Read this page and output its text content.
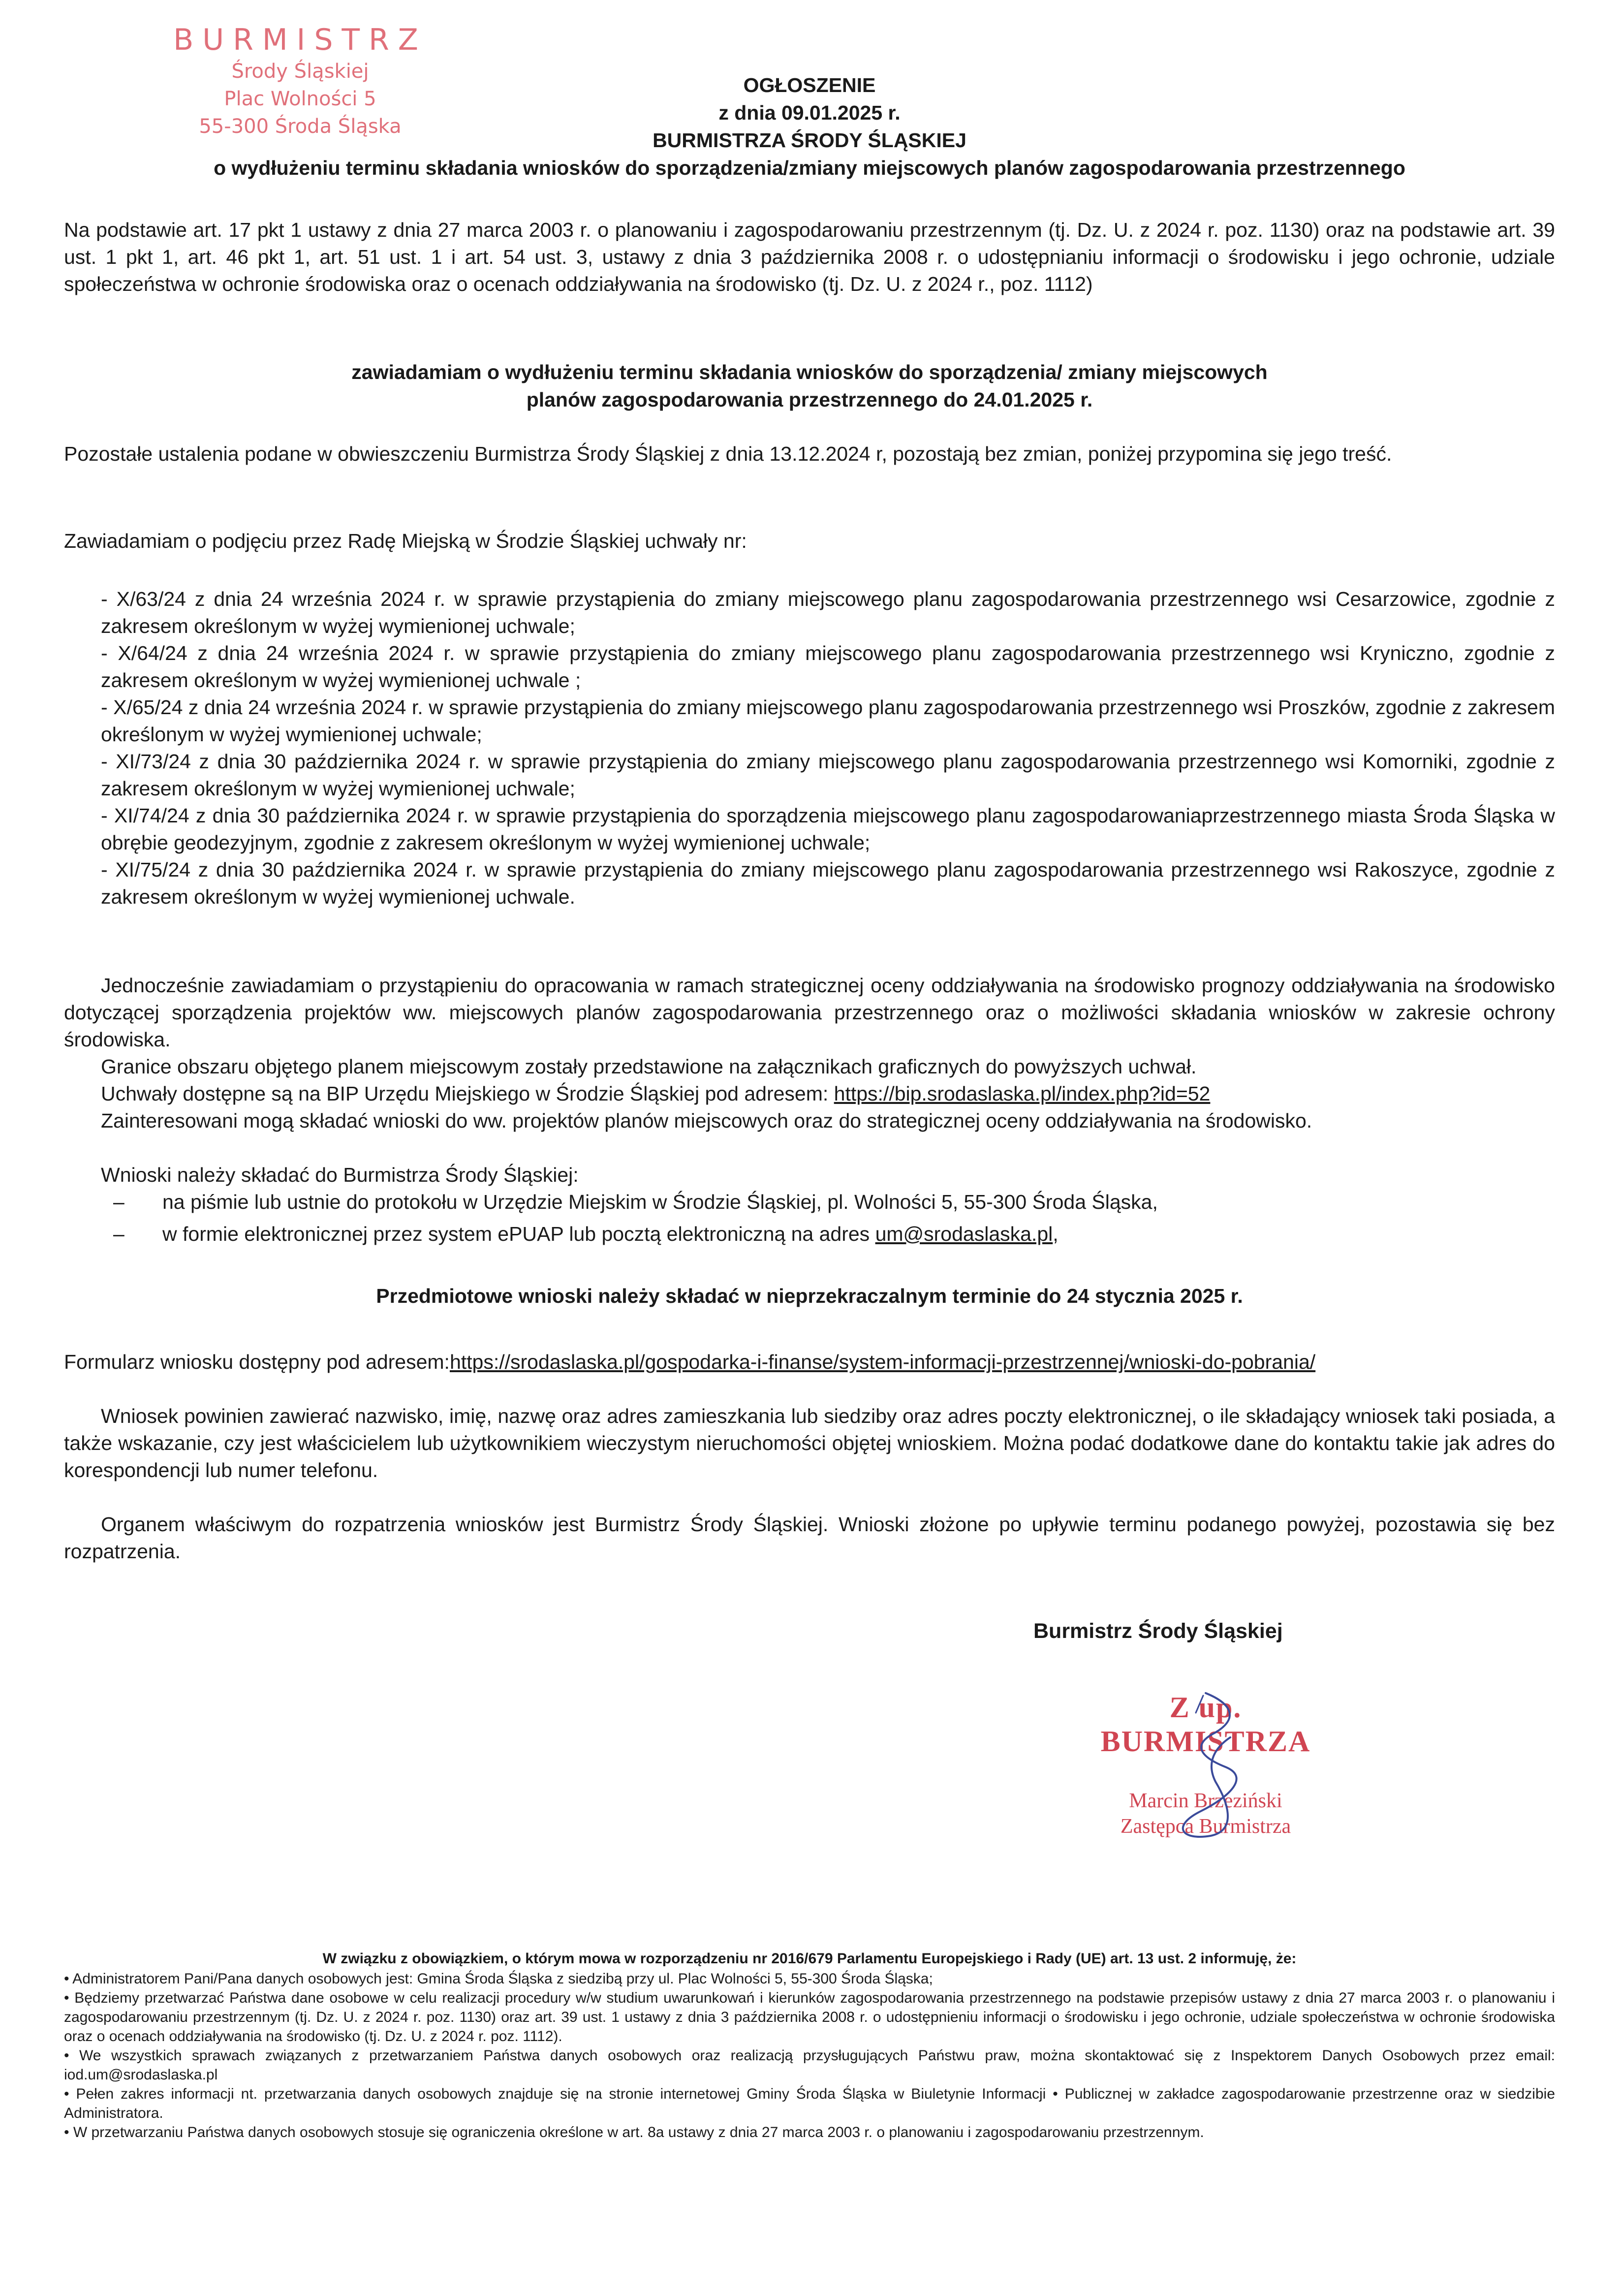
BURMISTRZ
Środy Śląskiej
Plac Wolności 5
55-300 Środa Śląska
OGŁOSZENIE
z dnia 09.01.2025 r.
BURMISTRZA ŚRODY ŚLĄSKIEJ
o wydłużeniu terminu składania wniosków do sporządzenia/zmiany miejscowych planów zagospodarowania przestrzennego
Na podstawie art. 17 pkt 1 ustawy z dnia 27 marca 2003 r. o planowaniu i zagospodarowaniu przestrzennym (tj. Dz. U. z 2024 r. poz. 1130) oraz na podstawie art. 39 ust. 1 pkt 1, art. 46 pkt 1, art. 51 ust. 1 i art. 54 ust. 3, ustawy z dnia 3 października 2008 r. o udostępnianiu informacji o środowisku i jego ochronie, udziale społeczeństwa w ochronie środowiska oraz o ocenach oddziaływania na środowisko (tj. Dz. U. z 2024 r., poz. 1112)
zawiadamiam o wydłużeniu terminu składania wniosków do sporządzenia/ zmiany miejscowych
planów zagospodarowania przestrzennego do 24.01.2025 r.
Pozostałe ustalenia podane w obwieszczeniu Burmistrza Środy Śląskiej z dnia 13.12.2024 r, pozostają bez zmian, poniżej przypomina się jego treść.
Zawiadamiam o podjęciu przez Radę Miejską w Środzie Śląskiej uchwały nr:
- X/63/24 z dnia 24 września 2024 r. w sprawie przystąpienia do zmiany miejscowego planu zagospodarowania przestrzennego wsi Cesarzowice, zgodnie z zakresem określonym w wyżej wymienionej uchwale;
- X/64/24 z dnia 24 września 2024 r. w sprawie przystąpienia do zmiany miejscowego planu zagospodarowania przestrzennego wsi Kryniczno, zgodnie z zakresem określonym w wyżej wymienionej uchwale ;
- X/65/24 z dnia 24 września 2024 r. w sprawie przystąpienia do zmiany miejscowego planu zagospodarowania przestrzennego wsi Proszków, zgodnie z zakresem określonym w wyżej wymienionej uchwale;
- XI/73/24 z dnia 30 października 2024 r. w sprawie przystąpienia do zmiany miejscowego planu zagospodarowania przestrzennego wsi Komorniki, zgodnie z zakresem określonym w wyżej wymienionej uchwale;
- XI/74/24 z dnia 30 października 2024 r. w sprawie przystąpienia do sporządzenia miejscowego planu zagospodarowaniaprzestrzennego miasta Środa Śląska w obrębie geodezyjnym, zgodnie z zakresem określonym w wyżej wymienionej uchwale;
- XI/75/24 z dnia 30 października 2024 r. w sprawie przystąpienia do zmiany miejscowego planu zagospodarowania przestrzennego wsi Rakoszyce, zgodnie z zakresem określonym w wyżej wymienionej uchwale.
Jednocześnie zawiadamiam o przystąpieniu do opracowania w ramach strategicznej oceny oddziaływania na środowisko prognozy oddziaływania na środowisko dotyczącej sporządzenia projektów ww. miejscowych planów zagospodarowania przestrzennego oraz o możliwości składania wniosków w zakresie ochrony środowiska.
Granice obszaru objętego planem miejscowym zostały przedstawione na załącznikach graficznych do powyższych uchwał.
Uchwały dostępne są na BIP Urzędu Miejskiego w Środzie Śląskiej pod adresem: https://bip.srodaslaska.pl/index.php?id=52
Zainteresowani mogą składać wnioski do ww. projektów planów miejscowych oraz do strategicznej oceny oddziaływania na środowisko.
Wnioski należy składać do Burmistrza Środy Śląskiej:
– na piśmie lub ustnie do protokołu w Urzędzie Miejskim w Środzie Śląskiej, pl. Wolności 5, 55-300 Środa Śląska,
– w formie elektronicznej przez system ePUAP lub pocztą elektroniczną na adres um@srodaslaska.pl,
Przedmiotowe wnioski należy składać w nieprzekraczalnym terminie do 24 stycznia 2025 r.
Formularz wniosku dostępny pod adresem:https://srodaslaska.pl/gospodarka-i-finanse/system-informacji-przestrzennej/wnioski-do-pobrania/
Wniosek powinien zawierać nazwisko, imię, nazwę oraz adres zamieszkania lub siedziby oraz adres poczty elektronicznej, o ile składający wniosek taki posiada, a także wskazanie, czy jest właścicielem lub użytkownikiem wieczystym nieruchomości objętej wnioskiem. Można podać dodatkowe dane do kontaktu takie jak adres do korespondencji lub numer telefonu.
Organem właściwym do rozpatrzenia wniosków jest Burmistrz Środy Śląskiej. Wnioski złożone po upływie terminu podanego powyżej, pozostawia się bez rozpatrzenia.
Burmistrz Środy Śląskiej
Z up. BURMISTRZA
Marcin Brzeziński
Zastępca Burmistrza
W związku z obowiązkiem, o którym mowa w rozporządzeniu nr 2016/679 Parlamentu Europejskiego i Rady (UE) art. 13 ust. 2 informuję, że:

• Administratorem Pani/Pana danych osobowych jest: Gmina Środa Śląska z siedzibą przy ul. Plac Wolności 5, 55-300 Środa Śląska;

• Będziemy przetwarzać Państwa dane osobowe w celu realizacji procedury w/w studium uwarunkowań i kierunków zagospodarowania przestrzennego na podstawie przepisów ustawy z dnia 27 marca 2003 r. o planowaniu i zagospodarowaniu przestrzennym (tj. Dz. U. z 2024 r. poz. 1130) oraz art. 39 ust. 1 ustawy z dnia 3 października 2008 r. o udostępnieniu informacji o środowisku i jego ochronie, udziale społeczeństwa w ochronie środowiska oraz o ocenach oddziaływania na środowisko (tj. Dz. U. z 2024 r. poz. 1112).

• We wszystkich sprawach związanych z przetwarzaniem Państwa danych osobowych oraz realizacją przysługujących Państwu praw, można skontaktować się z Inspektorem Danych Osobowych przez email: iod.um@srodaslaska.pl

• Pełen zakres informacji nt. przetwarzania danych osobowych znajduje się na stronie internetowej Gminy Środa Śląska w Biuletynie Informacji • Publicznej w zakładce zagospodarowanie przestrzenne oraz w siedzibie Administratora.

• W przetwarzaniu Państwa danych osobowych stosuje się ograniczenia określone w art. 8a ustawy z dnia 27 marca 2003 r. o planowaniu i zagospodarowaniu przestrzennym.
